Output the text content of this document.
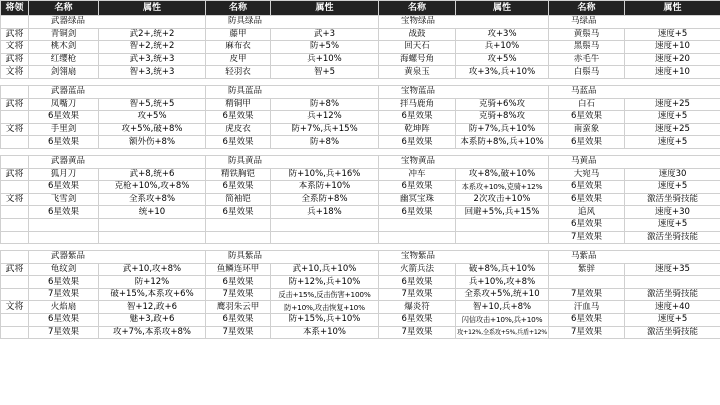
将领	名称	属性	名称	属性	名称	属性	名称	属性
	武器绿品		防具绿品		宝物绿品		马绿品	
武将	青铜剑	武2+,统+2	藤甲	武+3	战鼓	攻+3%	黄鬃马	速度+5
文将	桃木剑	智+2,统+2	麻布衣	防+5%	回天石	兵+10%	黑鬃马	速度+10
武将	红缨枪	武+3,统+3	皮甲	兵+10%	海螺号角	攻+5%	赤毛牛	速度+20
文将	剑翎扇	智+3,统+3	轻羽衣	智+5	黄泉玉	攻+3%,兵+10%	白鬃马	速度+10

	武器蓝品		防具蓝品		宝物蓝品		马蓝品	
武将	凤嘴刀	智+5,统+5	精铜甲	防+8%	拌马鹿角	克骑+6%攻	白石	速度+25
	6星效果	攻+5%	6星效果	兵+12%	6星效果	克骑+8%攻	6星效果	速度+5
文将	手里剑	攻+5%,破+8%	虎皮衣	防+7%,兵+15%	乾坤阵	防+7%,兵+10%	南蛮象	速度+25
	6星效果	额外伤+8%	6星效果	防+8%	6星效果	本系防+8%,兵+10%	6星效果	速度+5

	武器黄品		防具黄品		宝物黄品		马黄品	
武将	狐月刀	武+8,统+6	精铁胸铠	防+10%,兵+16%	冲车	攻+8%,破+10%	大宛马	速度30
	6星效果	克枪+10%,攻+8%	6星效果	本系防+10%	6星效果	本系攻+10%,克骑+12%	6星效果	速度+5
文将	飞雪剑	全系攻+8%	简袖铠	全系防+8%	幽冥宝珠	2次攻击+10%	6星效果	激活坐骑技能
	6星效果	统+10	6星效果	兵+18%	6星效果	回避+5%,兵+15%	追风	速度+30
							6星效果	速度+5
							7星效果	激活坐骑技能

	武器紫品		防具紫品		宝物紫品		马紫品	
武将	龟纹剑	武+10,攻+8%	鱼鳞连环甲	武+10,兵+10%	火箭兵法	破+8%,兵+10%	紫骍	速度+35
	6星效果	防+12%	6星效果	防+12%,兵+10%	6星效果	兵+10%,攻+8%		
	7星效果	破+15%,本系攻+6%	7星效果	反击+15%,反击伤害+100%	7星效果	全系攻+5%,统+10	7星效果	激活坐骑技能
文将	火焰扇	智+12,政+6	鹰羽朱云甲	防+10%,攻击恢复+10%	爆炎符	智+10,兵+8%	汗血马	速度+40
	6星效果	魅+3,政+6	6星效果	防+15%,兵+10%	6星效果	闪信攻击+10%,兵+10%	6星效果	速度+5
	7星效果	攻+7%,本系攻+8%	7星效果	本系+10%	7星效果	攻+12%,全系攻+5%,兵盾+12%	7星效果	激活坐骑技能
